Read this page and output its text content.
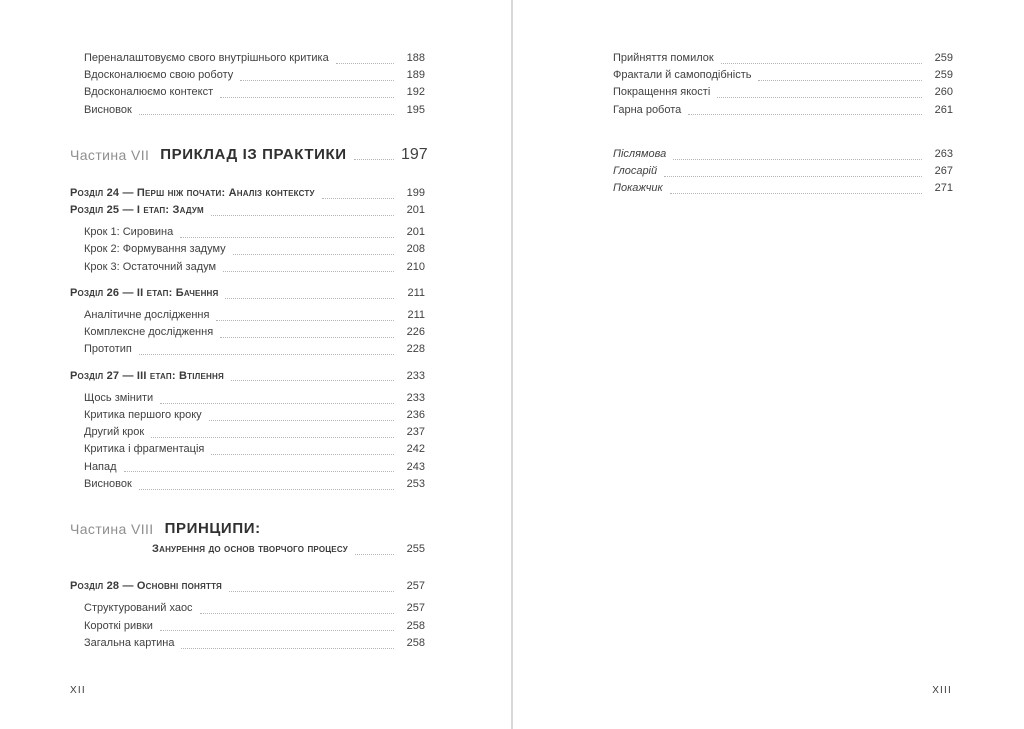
Переналаштовуємо свого внутрішнього критика	188
Вдосконалюємо свою роботу	189
Вдосконалюємо контекст	192
Висновок	195
Частина VII ПРИКЛАД ІЗ ПРАКТИКИ	197
Розділ 24 — Перш ніж почати: Аналіз контексту	199
Розділ 25 — I етап: Задум	201
Крок 1: Сировина	201
Крок 2: Формування задуму	208
Крок 3: Остаточний задум	210
Розділ 26 — II етап: Бачення	211
Аналітичне дослідження	211
Комплексне дослідження	226
Прототип	228
Розділ 27 — III етап: Втілення	233
Щось змінити	233
Критика першого кроку	236
Другий крок	237
Критика і фрагментація	242
Напад	243
Висновок	253
Частина VIII ПРИНЦИПИ:
Занурення до основ творчого процесу	255
Розділ 28 — Основні поняття	257
Структурований хаос	257
Короткі ривки	258
Загальна картина	258
XII
Прийняття помилок	259
Фрактали й самоподібність	259
Покращення якості	260
Гарна робота	261
Післямова	263
Глосарій	267
Покажчик	271
XIII
